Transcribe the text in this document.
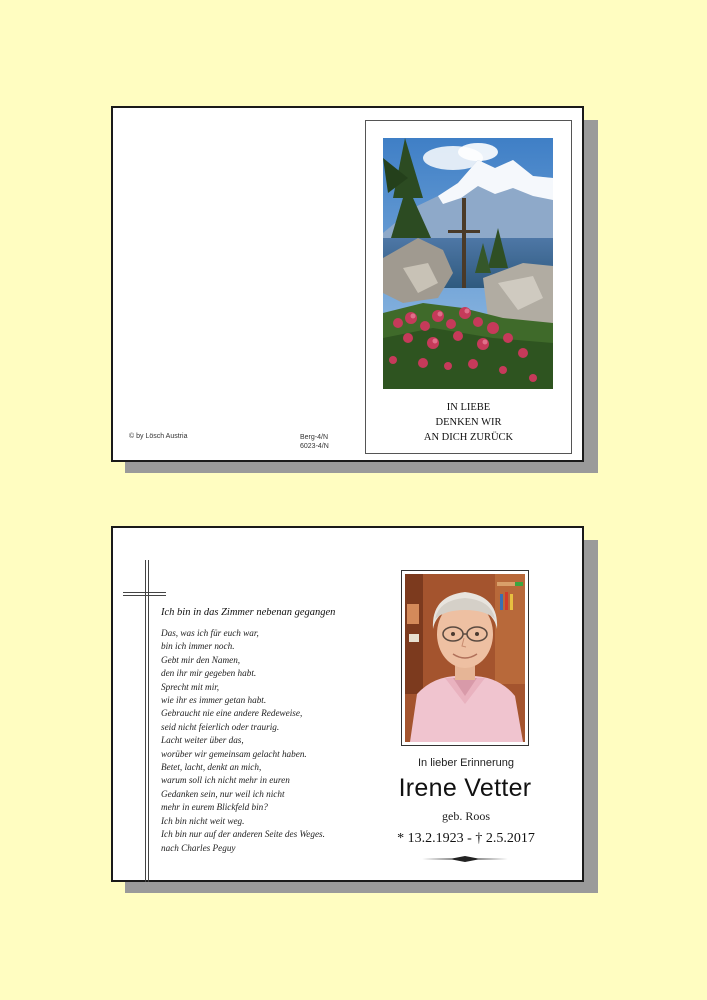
© by Lösch Austria	Berg-4/N
6023-4/N
IN LIEBE
DENKEN WIR
AN DICH ZURÜCK
Ich bin in das Zimmer nebenan gegangen
Das, was ich für euch war,
bin ich immer noch.
Gebt mir den Namen,
den ihr mir gegeben habt.
Sprecht mit mir,
wie ihr es immer getan habt.
Gebraucht nie eine andere Redeweise,
seid nicht feierlich oder traurig.
Lacht weiter über das,
worüber wir gemeinsam gelacht haben.
Betet, lacht, denkt an mich,
warum soll ich nicht mehr in euren
Gedanken sein, nur weil ich nicht
mehr in eurem Blickfeld bin?
Ich bin nicht weit weg.
Ich bin nur auf der anderen Seite des Weges.
nach Charles Peguy
In lieber Erinnerung
Irene Vetter
geb. Roos
* 13.2.1923 - † 2.5.2017
